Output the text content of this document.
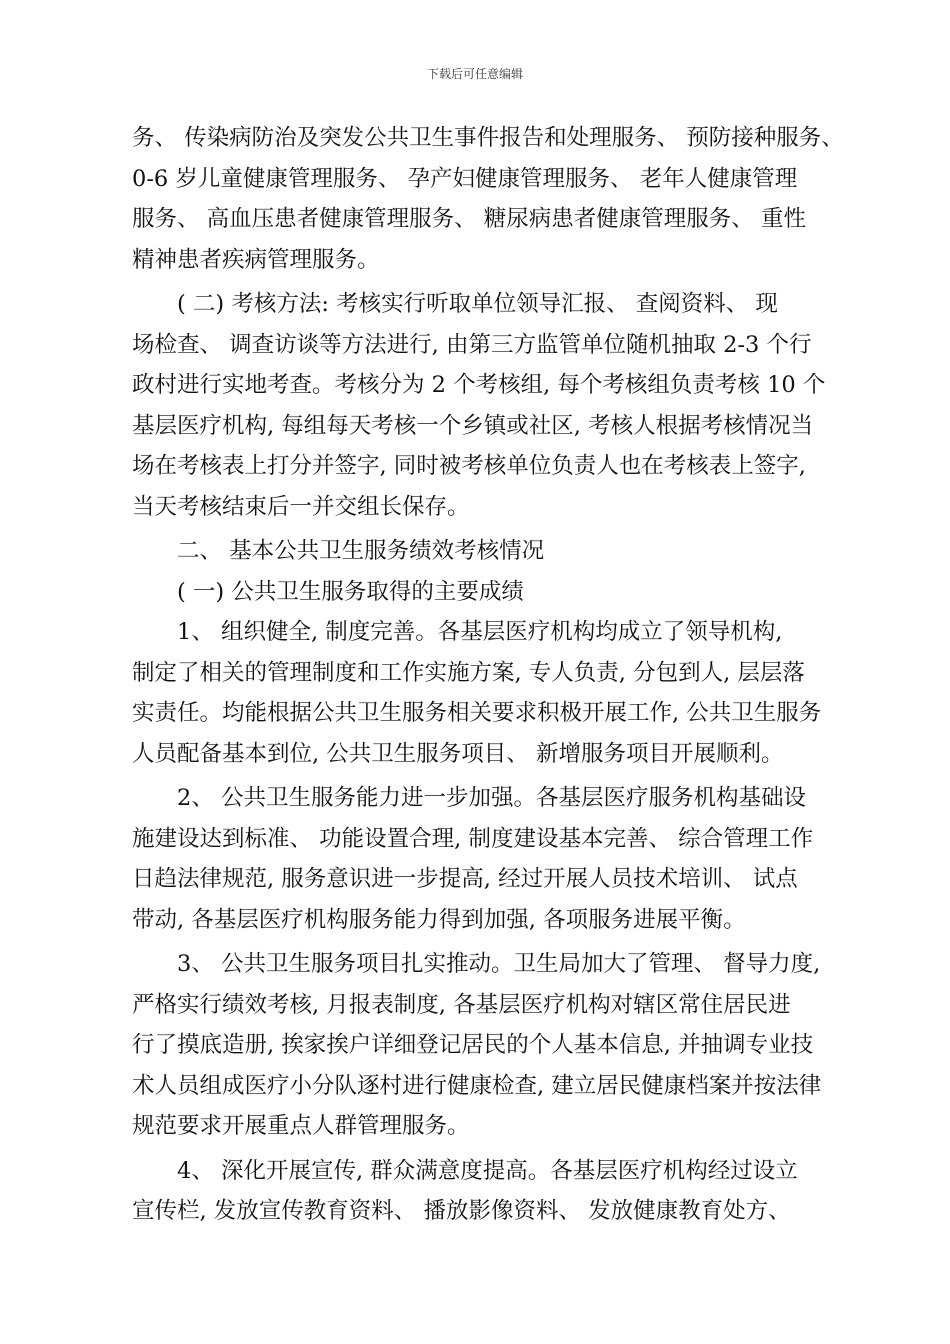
下载后可任意编辑
务、 传染病防治及突发公共卫生事件报告和处理服务、 预防接种服务、
0-6 岁儿童健康管理服务、 孕产妇健康管理服务、 老年人健康管理
服务、 高血压患者健康管理服务、 糖尿病患者健康管理服务、 重性
精神患者疾病管理服务。
( 二) 考核方法: 考核实行听取单位领导汇报、 查阅资料、 现
场检查、 调查访谈等方法进行, 由第三方监管单位随机抽取 2-3 个行
政村进行实地考查。考核分为 2 个考核组, 每个考核组负责考核 10 个
基层医疗机构, 每组每天考核一个乡镇或社区, 考核人根据考核情况当
场在考核表上打分并签字, 同时被考核单位负责人也在考核表上签字,
当天考核结束后一并交组长保存。
二、 基本公共卫生服务绩效考核情况
( 一) 公共卫生服务取得的主要成绩
1、 组织健全, 制度完善。各基层医疗机构均成立了领导机构,
制定了相关的管理制度和工作实施方案, 专人负责, 分包到人, 层层落
实责任。均能根据公共卫生服务相关要求积极开展工作, 公共卫生服务
人员配备基本到位, 公共卫生服务项目、 新增服务项目开展顺利。
2、 公共卫生服务能力进一步加强。各基层医疗服务机构基础设
施建设达到标准、 功能设置合理, 制度建设基本完善、 综合管理工作
日趋法律规范, 服务意识进一步提高, 经过开展人员技术培训、 试点
带动, 各基层医疗机构服务能力得到加强, 各项服务进展平衡。
3、 公共卫生服务项目扎实推动。卫生局加大了管理、 督导力度,
严格实行绩效考核, 月报表制度, 各基层医疗机构对辖区常住居民进
行了摸底造册, 挨家挨户详细登记居民的个人基本信息, 并抽调专业技
术人员组成医疗小分队逐村进行健康检查, 建立居民健康档案并按法律
规范要求开展重点人群管理服务。
4、 深化开展宣传, 群众满意度提高。各基层医疗机构经过设立
宣传栏, 发放宣传教育资料、 播放影像资料、 发放健康教育处方、
